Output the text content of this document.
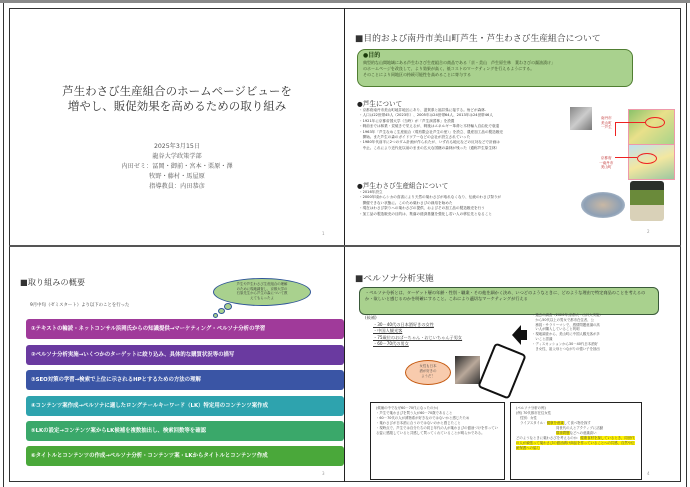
芦生わさび生産組合のホームページビューを
増やし、販促効果を高めるための取り組み
2025年3月15日
龍谷大学政策学部
内田ゼミ：冨岡・御前・宮本・栗原・澤
牧野・藤村・馬屋原
指導教員：内田恭彦
1
■目的および南丹市美山町芦生・芦生わさび生産組合について
●目的
典型的な山間地域にある芦生わさび生産組合の商品である「京・美山　芦生原生林　葉わさびの醤油漬け」
のホームページを改良して、より効果が高く、低コストのマーケティングを行えるようにする。
そのことにより同地区の持続可能性を高めることに寄与する
●芦生について
・京都府南丹市美山町地井地区にあり、滋賀県と福井県に接する。殆どが森林.
・人口は22世帯45人（2023年）、2005年は24世帯64人、2013年は24世帯46人
・1921年に京都帝国大学（当時）が「芦生演習林」を設置
・戦前までは林業・炭焼きで栄えるが、戦後はエネルギー革命と木材輸入自由化で衰退
・1963年「芦生なめこ生産組合（現有限会社芦生の里）」を設立、農産加工品の製造販売
　開始。また芦生の森のガイドツアーなどの会社が設立されていった
・1980年代前半に2つのダム計画が作られたが、いずれも地元などの反対などで計画は
　中止。これにより近代化以前のままの広大な国籍の森林が残った（通称芦生原生林）
南丹市
美山町
一芦生
京都府
一南丹市
美山町
●芦生わさび生産組合について
・2016年設立
・2000年頃からシカの食害により天然の葉わさびが取れなくなり、伝統のわさび祭りが
　開催できない状態に。このため葉わさびの栽培を始めた
・現在はわさび祭りへの葉わさびの提供、およびその加工品の製造販売を行う
・加工品の製造販売の目的は、集落の経済基盤を強化し若い人の移住先となること
2
■取り組みの概要
9月中旬（ゼミスタート）より以下のことを行った
芦生や芦生わさび生産組合の理解
のために現地調査し、京都大学の
石原先生から芦生の森について教
えてもらったよ
①テキストの輪読・ネットコンサル浜岡氏からの知識提供→マーケティング・ペルソナ分析の学習
②ペルソナ分析実施→いくつかのターゲットに絞り込み、具体的な購買状況等の描写
③SEO対策の学習→検索で上位に示されるHPとするための方法の理解
④コンテンツ案作成→ペルソナに適したロングテールキーワード（LK）特定用のコンテンツ案作成
⑤LKの設定→コンテンツ案からLK候補を複数抽出し、検索回数等を確認
⑥タイトルとコンテンツの作成→ペルソナ分析・コンテンツ案・LKからタイトルとコンテンツ作成
3
■ペルソナ分析実施
・ペルソナ分析とは、ターゲット層の年齢・性別・職業・その他を細かく決め、いつどのようなときに、どのような理由で特定商品のことを考えるのか・欲しいと感じるのかを明確にすること。これにより適切なマーケティングが行える
(候補)
・30－40代の日本酒好きの女性
・中国人観光客
・75歳位のおばーちゃん・おじいちゃん子男女
・60－70代の男女
・過去の調査（2020年,京都大・山口大実施）
　から50代以上の男女で都市在住者、公
　務員・サラリーマンで、感情問題意識の高
　い人が購入していること判明
・現地調査から、美山町に中国人観光客が多
　いこと認識
・ディスカッションから30－40代日本酒好
　き女性、祖父母とつながりの強い子を抽出
女性も日本
酒が好きの
ようだ！
(候補の中でなぜ60－70代になったのか)
・芦生で葉わさびを買う人が60－70歳であること
・60－70代の人が漬物系が好きなのではないかと感じたため
・葉わさびが日本酒に合うのではないのかと感じたこと
・現時点で、芦生では自分たちの同じ年代の人が葉わさびの醤油づけを作っている姿に感服していると共感して買ってくれていることが明らかである。
(ペルソナ分析の例)
(例) 70代都市在住女性
性別：女性
ライフスタイル：健康を意識して食べ物を探す
同世代の人とアクティブに活動
環境問題などへの意識高い
どのようなときに葉わさびを考えるのか：健康食材を探しているとき、同世代の人が頑張って葉わさびの醤油漬け商品を作っていることへの共感、自然や伝統保護への協力
4
